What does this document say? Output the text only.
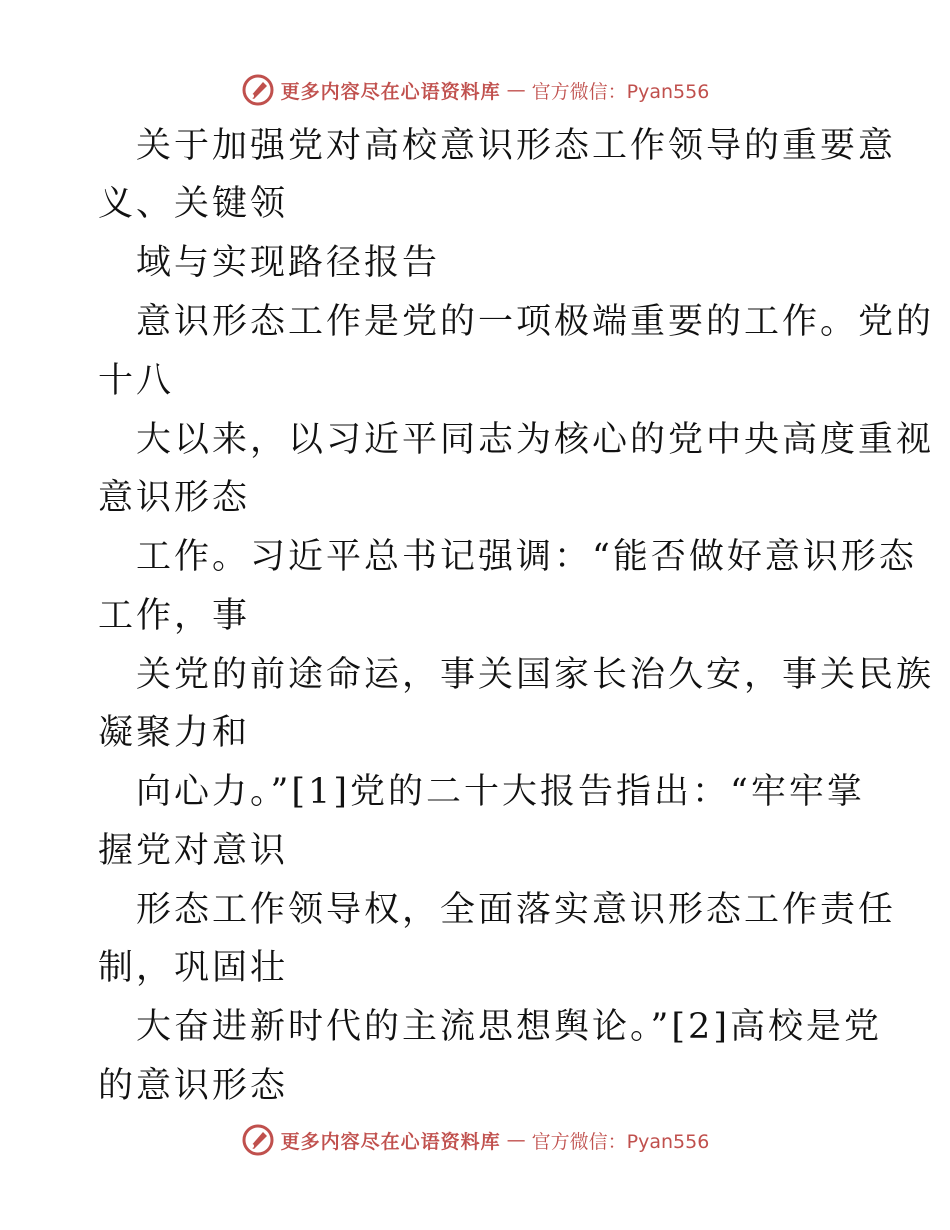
更多内容尽在心语资料库 — 官方微信：Pyan556
关于加强党对高校意识形态工作领导的重要意
义、关键领
域与实现路径报告
意识形态工作是党的一项极端重要的工作。党的
十八
大以来，以习近平同志为核心的党中央高度重视
意识形态
工作。习近平总书记强调：“能否做好意识形态
工作，事
关党的前途命运，事关国家长治久安，事关民族
凝聚力和
向心力。”[1]党的二十大报告指出：“牢牢掌
握党对意识
形态工作领导权，全面落实意识形态工作责任
制，巩固壮
大奋进新时代的主流思想舆论。”[2]高校是党
的意识形态
更多内容尽在心语资料库 — 官方微信：Pyan556
